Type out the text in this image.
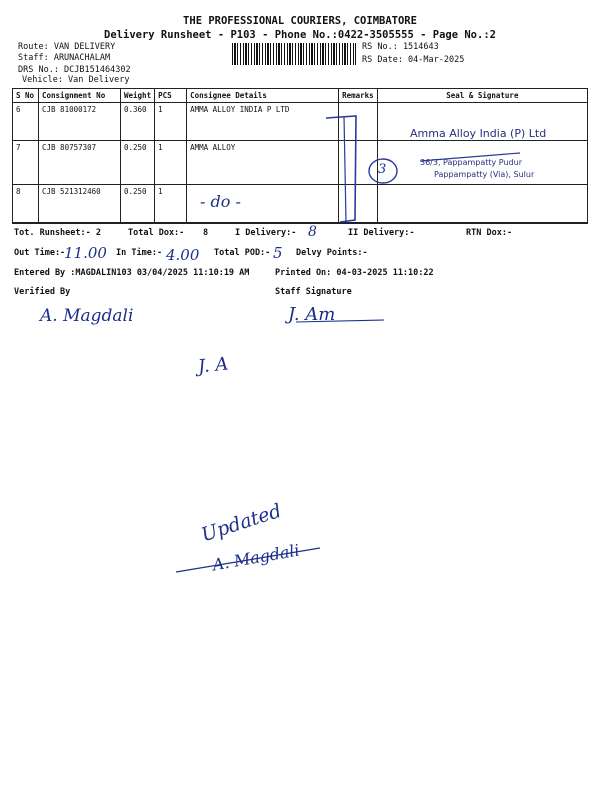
THE PROFESSIONAL COURIERS, COIMBATORE
Delivery Runsheet - P103 - Phone No.:0422-3505555 - Page No.:2
Route: VAN DELIVERY
Staff: ARUNACHALAM
DRS No.: DCJB151464302
Vehicle: Van Delivery
RS No.: 1514643
RS Date: 04-Mar-2025
S No	Consignment No	Weight	PCS	Consignee Details	Remarks	Seal & Signature
6	CJB 81000172	0.360	1	AMMA ALLOY INDIA P LTD		
7	CJB 80757307	0.250	1	AMMA ALLOY		
8	CJB 521312460	0.250	1			
Tot. Runsheet:- 2	Total Dox:- 8	I Delivery:-	II Delivery:-	RTN Dox:-
Out Time:-	In Time:-	Total POD:-	Delvy Points:-
Entered By :MAGDALIN103 03/04/2025 11:10:19 AM	Printed On: 04-03-2025 11:10:22
Verified By	Staff Signature
Amma Alloy India (P) Ltd
36/3, Pappampatty Pudur
Pappampatty (Via), Sulur
3
- do -
8
11.00	4.00	5
A. Magdali	J. Am
J. A
Updated
A. Magdali
